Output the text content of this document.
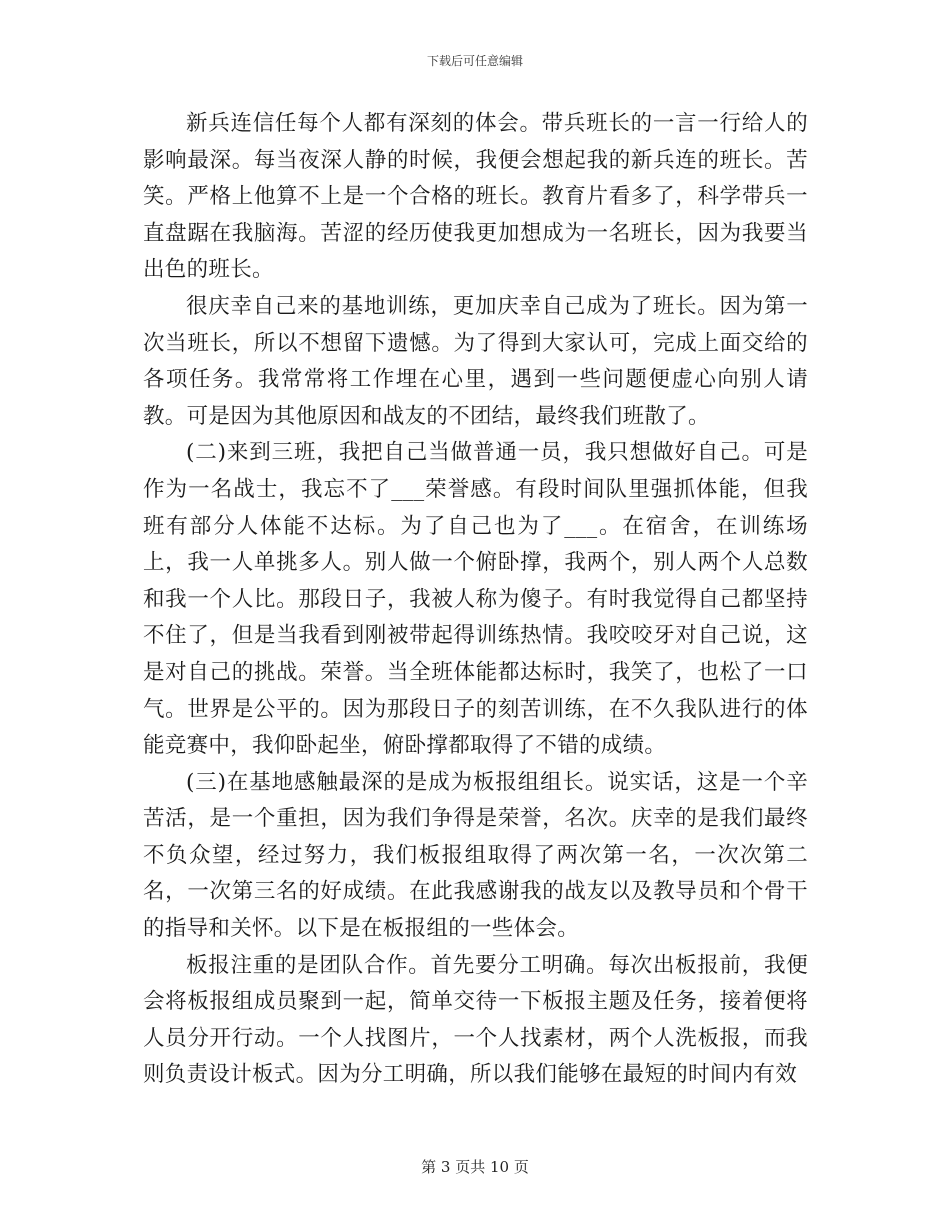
下载后可任意编辑

新兵连信任每个人都有深刻的体会。带兵班长的一言一行给人的影响最深。每当夜深人静的时候，我便会想起我的新兵连的班长。苦笑。严格上他算不上是一个合格的班长。教育片看多了，科学带兵一直盘踞在我脑海。苦涩的经历使我更加想成为一名班长，因为我要当出色的班长。

很庆幸自己来的基地训练，更加庆幸自己成为了班长。因为第一次当班长，所以不想留下遗憾。为了得到大家认可，完成上面交给的各项任务。我常常将工作埋在心里，遇到一些问题便虚心向别人请教。可是因为其他原因和战友的不团结，最终我们班散了。

(二)来到三班，我把自己当做普通一员，我只想做好自己。可是作为一名战士，我忘不了___荣誉感。有段时间队里强抓体能，但我班有部分人体能不达标。为了自己也为了___。在宿舍，在训练场上，我一人单挑多人。别人做一个俯卧撑，我两个，别人两个人总数和我一个人比。那段日子，我被人称为傻子。有时我觉得自己都坚持不住了，但是当我看到刚被带起得训练热情。我咬咬牙对自己说，这是对自己的挑战。荣誉。当全班体能都达标时，我笑了，也松了一口气。世界是公平的。因为那段日子的刻苦训练，在不久我队进行的体能竞赛中，我仰卧起坐，俯卧撑都取得了不错的成绩。

(三)在基地感触最深的是成为板报组组长。说实话，这是一个辛苦活，是一个重担，因为我们争得是荣誉，名次。庆幸的是我们最终不负众望，经过努力，我们板报组取得了两次第一名，一次次第二名，一次第三名的好成绩。在此我感谢我的战友以及教导员和个骨干的指导和关怀。以下是在板报组的一些体会。

板报注重的是团队合作。首先要分工明确。每次出板报前，我便会将板报组成员聚到一起，简单交待一下板报主题及任务，接着便将人员分开行动。一个人找图片，一个人找素材，两个人洗板报，而我则负责设计板式。因为分工明确，所以我们能够在最短的时间内有效

第 3 页共 10 页
